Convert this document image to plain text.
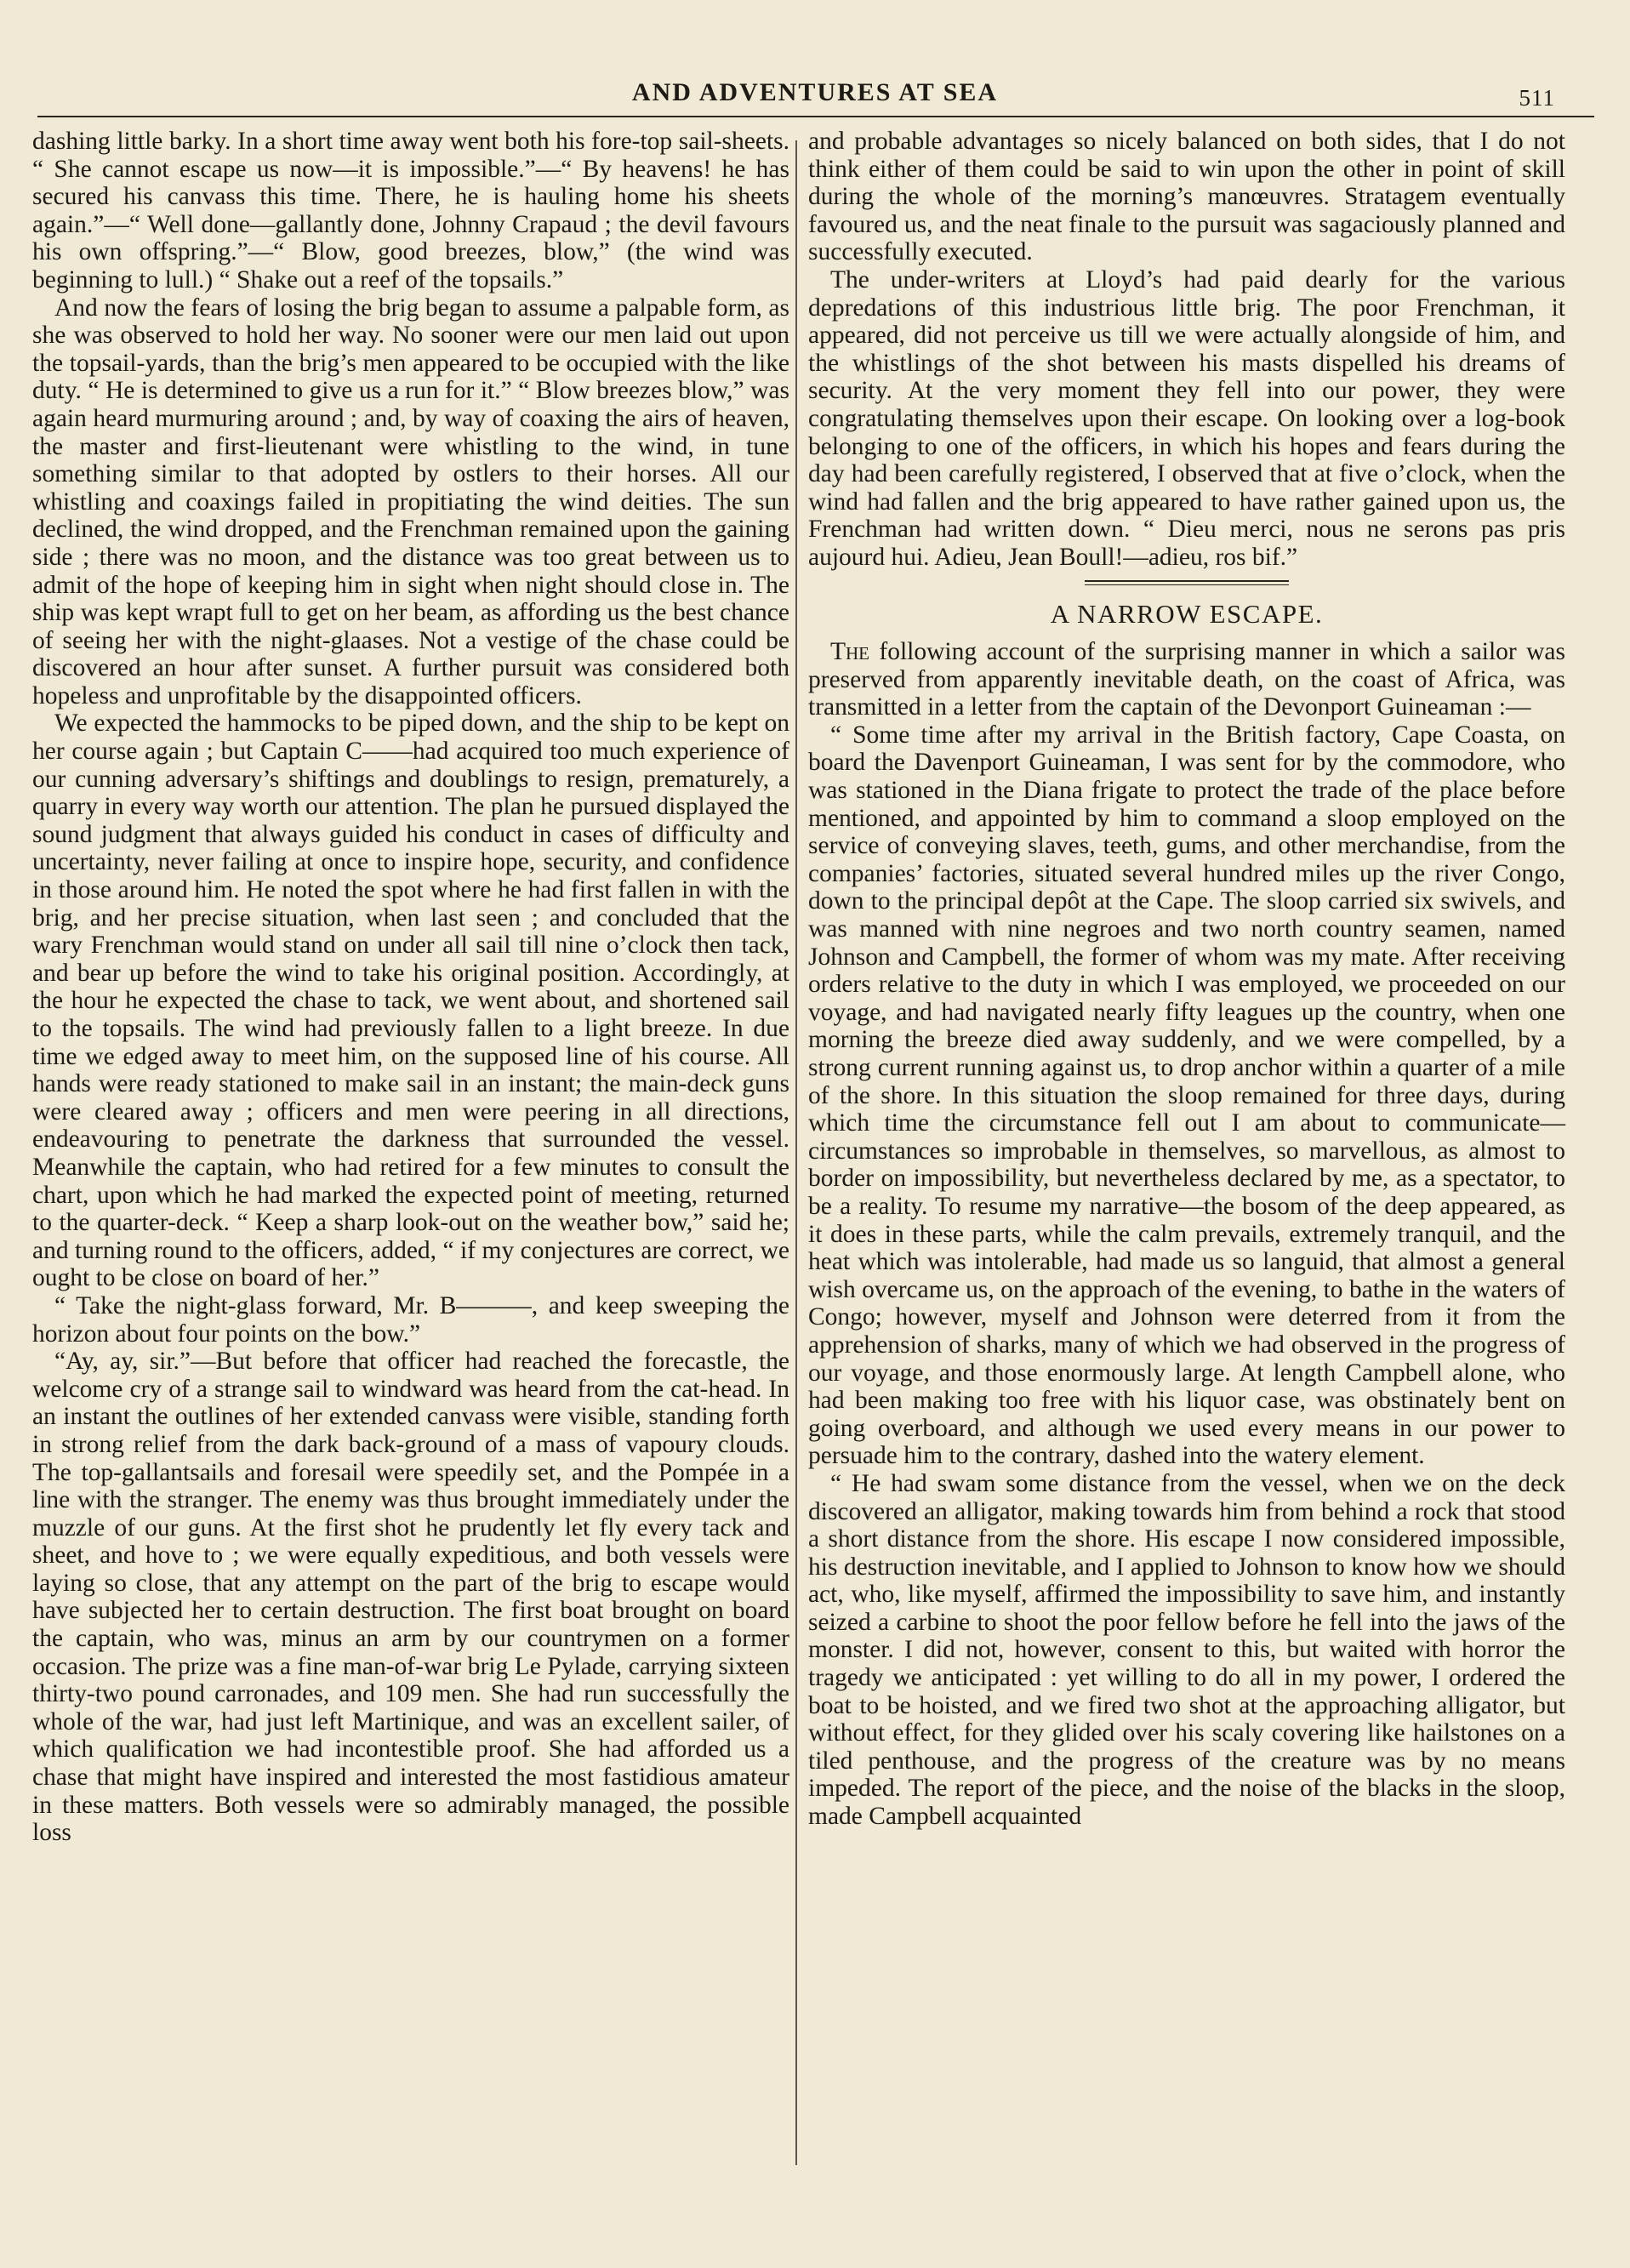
AND ADVENTURES AT SEA	511

dashing little barky. In a short time away went both his fore-top sail-sheets. “ She cannot escape us now—it is impossible.”—“ By heavens! he has secured his canvass this time. There, he is hauling home his sheets again.”—“ Well done—gallantly done, Johnny Crapaud ; the devil favours his own offspring.”—“ Blow, good breezes, blow,” (the wind was beginning to lull.) “ Shake out a reef of the topsails.”

And now the fears of losing the brig began to assume a palpable form, as she was observed to hold her way. No sooner were our men laid out upon the topsail-yards, than the brig’s men appeared to be occupied with the like duty. “ He is determined to give us a run for it.” “ Blow breezes blow,” was again heard murmuring around ; and, by way of coaxing the airs of heaven, the master and first-lieutenant were whistling to the wind, in tune something similar to that adopted by ostlers to their horses. All our whistling and coaxings failed in propitiating the wind deities. The sun declined, the wind dropped, and the Frenchman remained upon the gaining side ; there was no moon, and the distance was too great between us to admit of the hope of keeping him in sight when night should close in. The ship was kept wrapt full to get on her beam, as affording us the best chance of seeing her with the night-glaases. Not a vestige of the chase could be discovered an hour after sunset. A further pursuit was considered both hopeless and unprofitable by the disappointed officers.

We expected the hammocks to be piped down, and the ship to be kept on her course again ; but Captain C——had acquired too much experience of our cunning adversary’s shiftings and doublings to resign, prematurely, a quarry in every way worth our attention. The plan he pursued displayed the sound judgment that always guided his conduct in cases of difficulty and uncertainty, never failing at once to inspire hope, security, and confidence in those around him. He noted the spot where he had first fallen in with the brig, and her precise situation, when last seen ; and concluded that the wary Frenchman would stand on under all sail till nine o’clock then tack, and bear up before the wind to take his original position. Accordingly, at the hour he expected the chase to tack, we went about, and shortened sail to the topsails. The wind had previously fallen to a light breeze. In due time we edged away to meet him, on the supposed line of his course. All hands were ready stationed to make sail in an instant; the main-deck guns were cleared away ; officers and men were peering in all directions, endeavouring to penetrate the darkness that surrounded the vessel. Meanwhile the captain, who had retired for a few minutes to consult the chart, upon which he had marked the expected point of meeting, returned to the quarter-deck. “ Keep a sharp look-out on the weather bow,” said he; and turning round to the officers, added, “ if my conjectures are correct, we ought to be close on board of her.”

“ Take the night-glass forward, Mr. B———, and keep sweeping the horizon about four points on the bow.”

“Ay, ay, sir.”—But before that officer had reached the forecastle, the welcome cry of a strange sail to windward was heard from the cat-head. In an instant the outlines of her extended canvass were visible, standing forth in strong relief from the dark back-ground of a mass of vapoury clouds. The top-gallantsails and foresail were speedily set, and the Pompée in a line with the stranger. The enemy was thus brought immediately under the muzzle of our guns. At the first shot he prudently let fly every tack and sheet, and hove to ; we were equally expeditious, and both vessels were laying so close, that any attempt on the part of the brig to escape would have subjected her to certain destruction. The first boat brought on board the captain, who was, minus an arm by our countrymen on a former occasion. The prize was a fine man-of-war brig Le Pylade, carrying sixteen thirty-two pound carronades, and 109 men. She had run successfully the whole of the war, had just left Martinique, and was an excellent sailer, of which qualification we had incontestible proof. She had afforded us a chase that might have inspired and interested the most fastidious amateur in these matters. Both vessels were so admirably managed, the possible loss

and probable advantages so nicely balanced on both sides, that I do not think either of them could be said to win upon the other in point of skill during the whole of the morning’s manœuvres. Stratagem eventually favoured us, and the neat finale to the pursuit was sagaciously planned and successfully executed.

The under-writers at Lloyd’s had paid dearly for the various depredations of this industrious little brig. The poor Frenchman, it appeared, did not perceive us till we were actually alongside of him, and the whistlings of the shot between his masts dispelled his dreams of security. At the very moment they fell into our power, they were congratulating themselves upon their escape. On looking over a log-book belonging to one of the officers, in which his hopes and fears during the day had been carefully registered, I observed that at five o’clock, when the wind had fallen and the brig appeared to have rather gained upon us, the Frenchman had written down. “ Dieu merci, nous ne serons pas pris aujourd hui. Adieu, Jean Boull!—adieu, ros bif.”

A NARROW ESCAPE.

The following account of the surprising manner in which a sailor was preserved from apparently inevitable death, on the coast of Africa, was transmitted in a letter from the captain of the Devonport Guineaman :—

“ Some time after my arrival in the British factory, Cape Coasta, on board the Davenport Guineaman, I was sent for by the commodore, who was stationed in the Diana frigate to protect the trade of the place before mentioned, and appointed by him to command a sloop employed on the service of conveying slaves, teeth, gums, and other merchandise, from the companies’ factories, situated several hundred miles up the river Congo, down to the principal depôt at the Cape. The sloop carried six swivels, and was manned with nine negroes and two north country seamen, named Johnson and Campbell, the former of whom was my mate. After receiving orders relative to the duty in which I was employed, we proceeded on our voyage, and had navigated nearly fifty leagues up the country, when one morning the breeze died away suddenly, and we were compelled, by a strong current running against us, to drop anchor within a quarter of a mile of the shore. In this situation the sloop remained for three days, during which time the circumstance fell out I am about to communicate—circumstances so improbable in themselves, so marvellous, as almost to border on impossibility, but nevertheless declared by me, as a spectator, to be a reality. To resume my narrative—the bosom of the deep appeared, as it does in these parts, while the calm prevails, extremely tranquil, and the heat which was intolerable, had made us so languid, that almost a general wish overcame us, on the approach of the evening, to bathe in the waters of Congo; however, myself and Johnson were deterred from it from the apprehension of sharks, many of which we had observed in the progress of our voyage, and those enormously large. At length Campbell alone, who had been making too free with his liquor case, was obstinately bent on going overboard, and although we used every means in our power to persuade him to the contrary, dashed into the watery element.

“ He had swam some distance from the vessel, when we on the deck discovered an alligator, making towards him from behind a rock that stood a short distance from the shore. His escape I now considered impossible, his destruction inevitable, and I applied to Johnson to know how we should act, who, like myself, affirmed the impossibility to save him, and instantly seized a carbine to shoot the poor fellow before he fell into the jaws of the monster. I did not, however, consent to this, but waited with horror the tragedy we anticipated : yet willing to do all in my power, I ordered the boat to be hoisted, and we fired two shot at the approaching alligator, but without effect, for they glided over his scaly covering like hailstones on a tiled penthouse, and the progress of the creature was by no means impeded. The report of the piece, and the noise of the blacks in the sloop, made Campbell acquainted
